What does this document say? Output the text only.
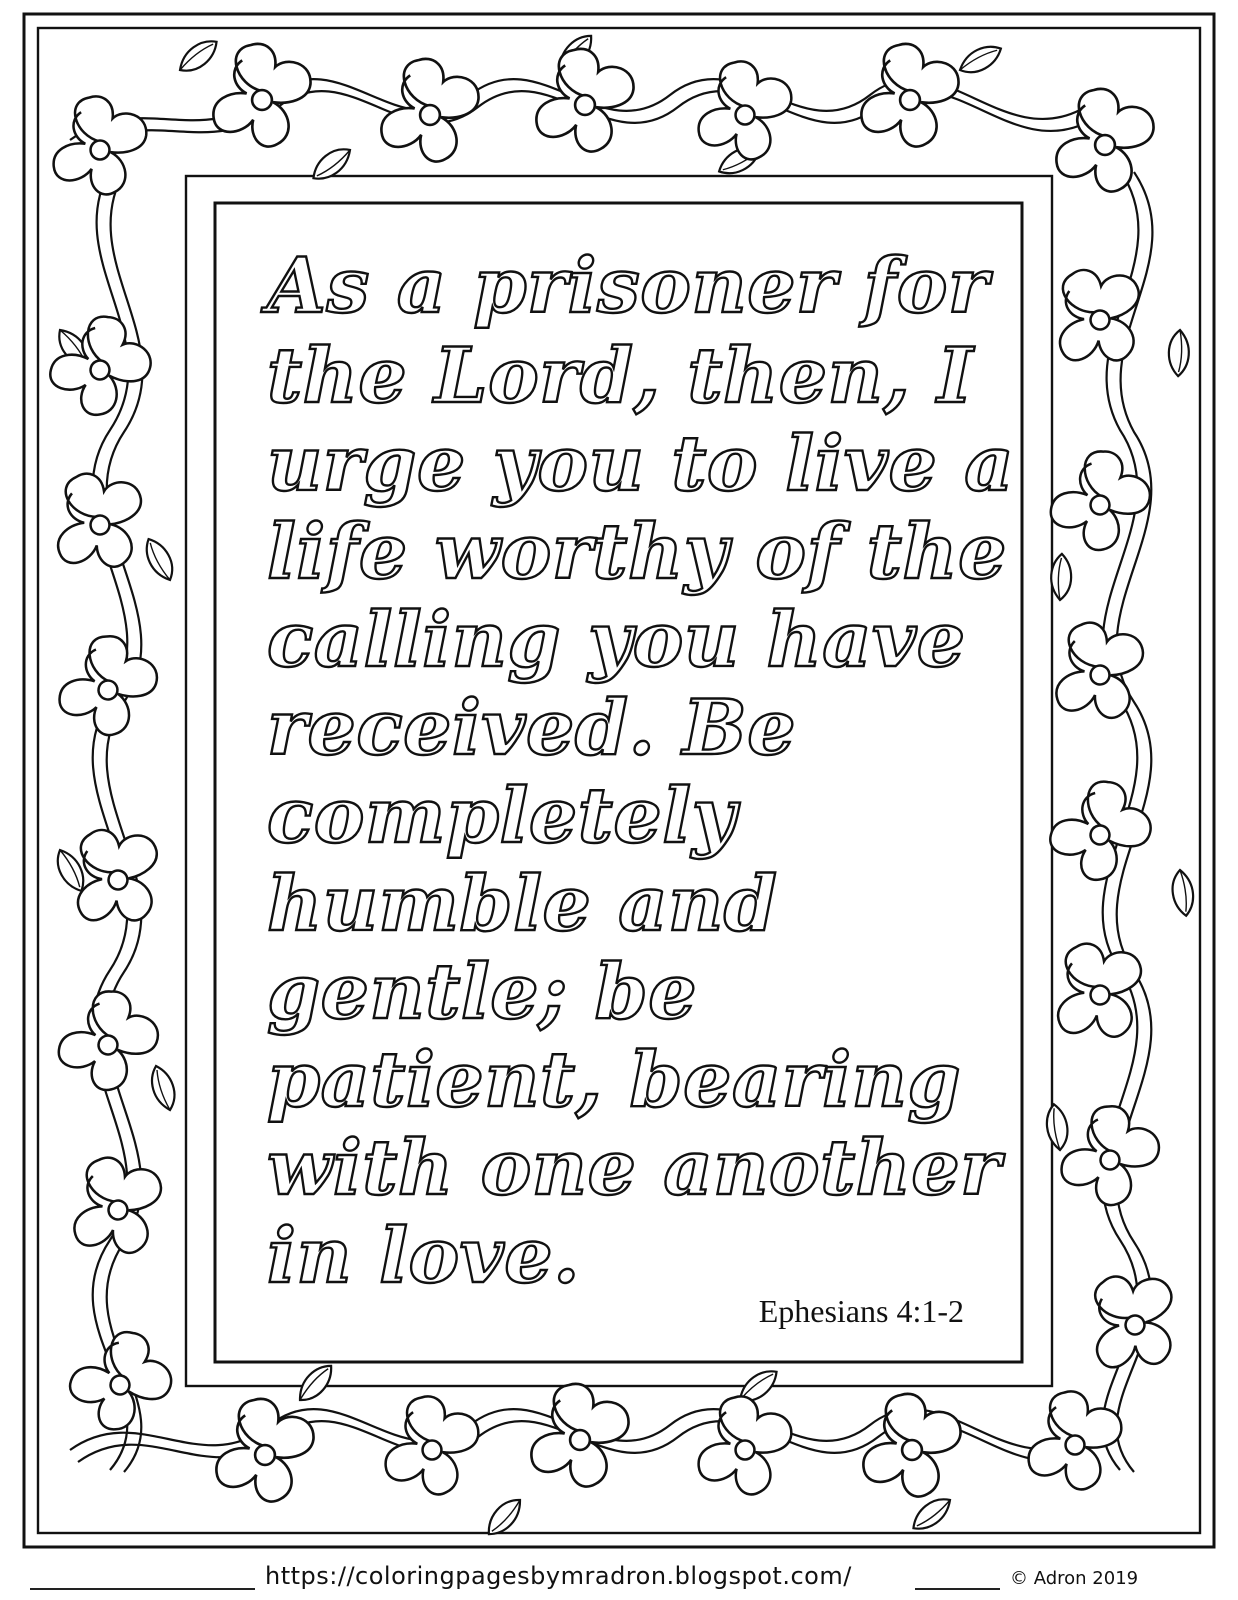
As a prisoner for
the Lord, then, I
urge you to live a
life worthy of the
calling you have
received. Be
completely
humble and
gentle; be
patient, bearing
with one another
in love.
Ephesians 4:1-2
https://coloringpagesbymradron.blogspot.com/	© Adron 2019
